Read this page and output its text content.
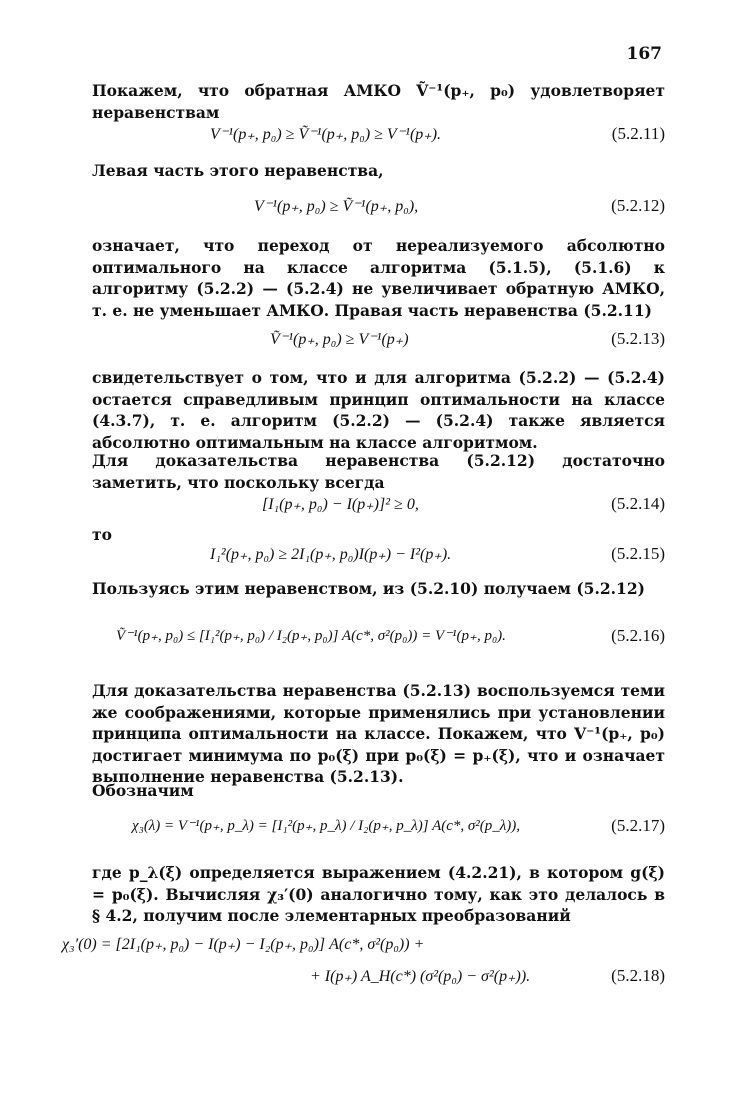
167

Покажем, что обратная АМКО Ṽ⁻¹(p₊, p₀) удовлетворяет неравенствам

V⁻¹(p₊, p₀) ≥ Ṽ⁻¹(p₊, p₀) ≥ V⁻¹(p₊).	(5.2.11)

Левая часть этого неравенства,

V⁻¹(p₊, p₀) ≥ Ṽ⁻¹(p₊, p₀),	(5.2.12)

означает, что переход от нереализуемого абсолютно оптимального на классе алгоритма (5.1.5), (5.1.6) к алгоритму (5.2.2) — (5.2.4) не увеличивает обратную АМКО, т. е. не уменьшает АМКО. Правая часть неравенства (5.2.11)

Ṽ⁻¹(p₊, p₀) ≥ V⁻¹(p₊)	(5.2.13)

свидетельствует о том, что и для алгоритма (5.2.2) — (5.2.4) остается справедливым принцип оптимальности на классе (4.3.7), т. е. алгоритм (5.2.2) — (5.2.4) также является абсолютно оптимальным на классе алгоритмом.

Для доказательства неравенства (5.2.12) достаточно заметить, что поскольку всегда

[I₁(p₊, p₀) − I(p₊)]² ≥ 0,	(5.2.14)

то

I₁²(p₊, p₀) ≥ 2I₁(p₊, p₀)I(p₊) − I²(p₊).	(5.2.15)

Пользуясь этим неравенством, из (5.2.10) получаем (5.2.12)

Ṽ⁻¹(p₊, p₀) ≤ [I₁²(p₊, p₀) / I₂(p₊, p₀)] A(c*, σ²(p₀)) = V⁻¹(p₊, p₀).	(5.2.16)

Для доказательства неравенства (5.2.13) воспользуемся теми же соображениями, которые применялись при установлении принципа оптимальности на классе. Покажем, что V⁻¹(p₊, p₀) достигает минимума по p₀(ξ) при p₀(ξ) = p₊(ξ), что и означает выполнение неравенства (5.2.13).

Обозначим

χ₃(λ) = V⁻¹(p₊, p_λ) = [I₁²(p₊, p_λ) / I₂(p₊, p_λ)] A(c*, σ²(p_λ)),	(5.2.17)

где p_λ(ξ) определяется выражением (4.2.21), в котором g(ξ) = p₀(ξ). Вычисляя χ₃′(0) аналогично тому, как это делалось в § 4.2, получим после элементарных преобразований

χ₃′(0) = [2I₁(p₊, p₀) − I(p₊) − I₂(p₊, p₀)] A(c*, σ²(p₀)) +
+ I(p₊) A_H(c*) (σ²(p₀) − σ²(p₊)).	(5.2.18)
